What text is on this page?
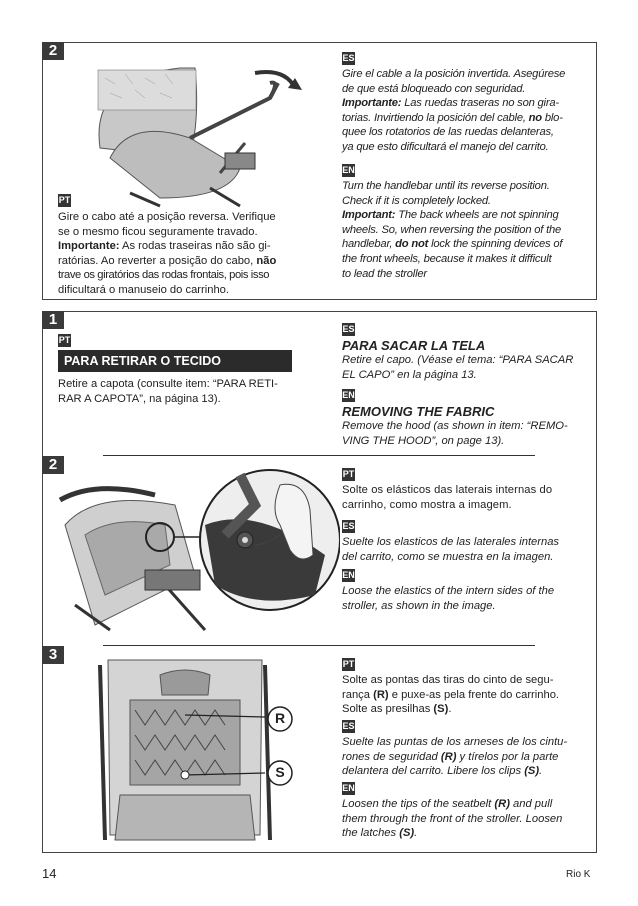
2
PT
Gire o cabo até a posição reversa. Verifique
se o mesmo ficou seguramente travado.
Importante: As rodas traseiras não são gi-
ratórias. Ao reverter a posição do cabo, não
trave os giratórios das rodas frontais, pois isso
dificultará o manuseio do carrinho.
ES
Gire el cable a la posición invertida. Asegúrese
de que está bloqueado con seguridad.
Importante: Las ruedas traseras no son gira-
torias. Invirtiendo la posición del cable, no blo-
quee los rotatorios de las ruedas delanteras,
ya que esto dificultará el manejo del carrito.
EN
Turn the handlebar until its reverse position.
Check if it is completely locked.
Important: The back wheels are not spinning
wheels. So, when reversing the position of the
handlebar, do not lock the spinning devices of
the front wheels, because it makes it difficult
to lead the stroller
1
PT
PARA RETIRAR O TECIDO
Retire a capota (consulte item: “PARA RETI-
RAR A CAPOTA”, na página 13).
ES
PARA SACAR LA TELA
Retire el capo. (Véase el tema: “PARA SACAR
EL CAPO” en la página 13.
EN
REMOVING THE FABRIC
Remove the hood (as shown in item: “REMO-
VING THE HOOD”, on page 13).
2
PT
Solte os elásticos das laterais internas do
carrinho, como mostra a imagem.
ES
Suelte los elasticos de las laterales internas
del carrito, como se muestra en la imagen.
EN
Loose the elastics of the intern sides of the
stroller, as shown in the image.
3
R
S
PT
Solte as pontas das tiras do cinto de segu-
rança (R) e puxe-as pela frente do carrinho.
Solte as presilhas (S).
ES
Suelte las puntas de los arneses de los cintu-
rones de seguridad (R) y tírelos por la parte
delantera del carrito. Libere los clips (S).
EN
Loosen the tips of the seatbelt (R) and pull
them through the front of the stroller. Loosen
the latches (S).
14	Rio K
